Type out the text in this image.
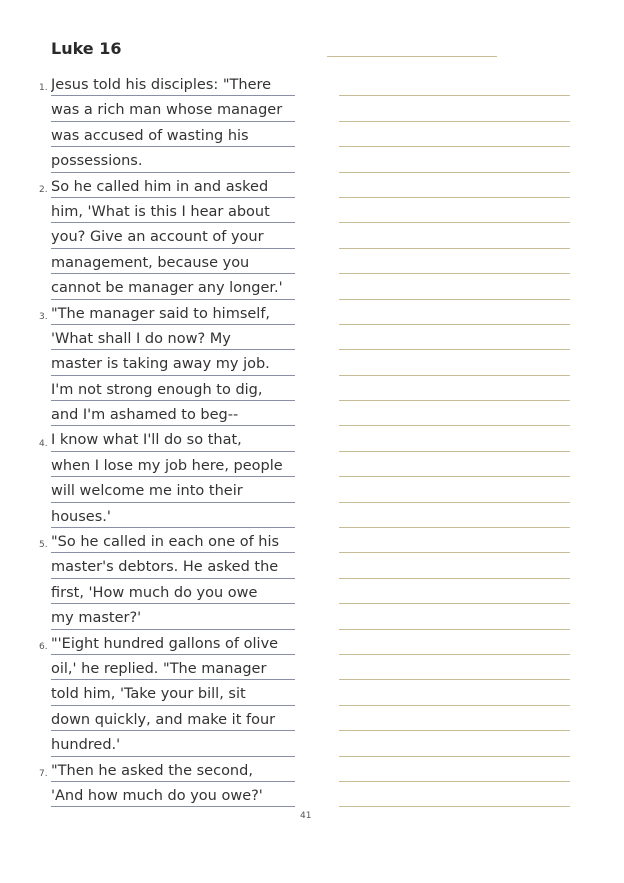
Luke 16
1. Jesus told his disciples: "There
was a rich man whose manager
was accused of wasting his
possessions.
2. So he called him in and asked
him, 'What is this I hear about
you? Give an account of your
management, because you
cannot be manager any longer.'
3. "The manager said to himself,
'What shall I do now? My
master is taking away my job.
I'm not strong enough to dig,
and I'm ashamed to beg--
4. I know what I'll do so that,
when I lose my job here, people
will welcome me into their
houses.'
5. "So he called in each one of his
master's debtors. He asked the
first, 'How much do you owe
my master?'
6. "'Eight hundred gallons of olive
oil,' he replied. "The manager
told him, 'Take your bill, sit
down quickly, and make it four
hundred.'
7. "Then he asked the second,
'And how much do you owe?'
41
